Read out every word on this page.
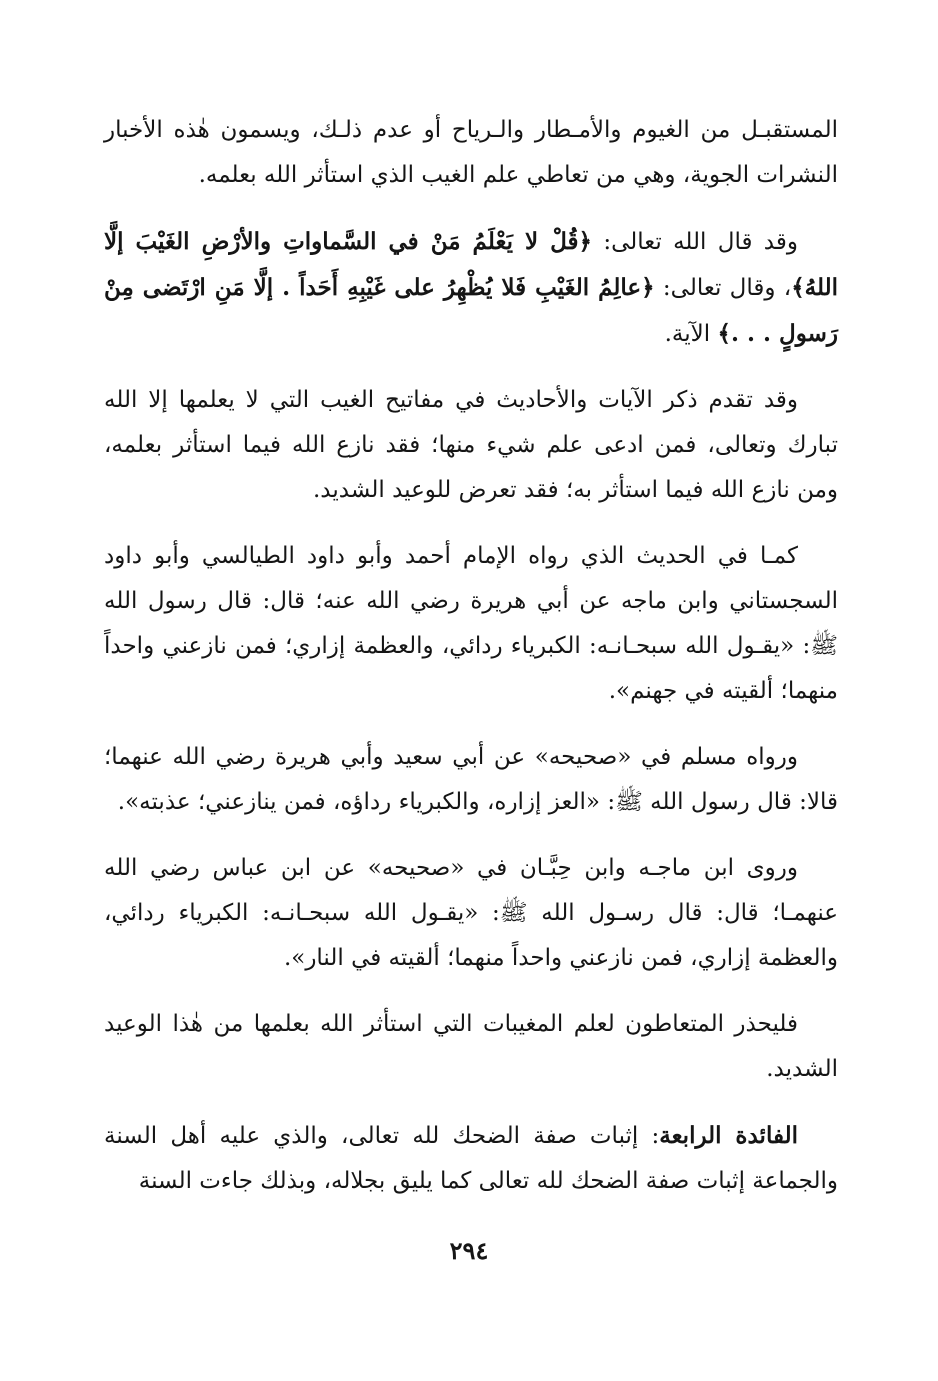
المستقبـل من الغيوم والأمـطار والـرياح أو عدم ذلـك، ويسمون هٰذه الأخبار النشرات الجوية، وهي من تعاطي علم الغيب الذي استأثر الله بعلمه.

وقد قال الله تعالى: ﴿قُلْ لا يَعْلَمُ مَنْ في السَّماواتِ والأرْضِ الغَيْبَ إلَّا اللهُ﴾، وقال تعالى: ﴿عالِمُ الغَيْبِ فَلا يُظْهِرُ على غَيْبِهِ أَحَداً . إلَّا مَنِ ارْتَضى مِنْ رَسولٍ . . .﴾ الآية.

وقد تقدم ذكر الآيات والأحاديث في مفاتيح الغيب التي لا يعلمها إلا الله تبارك وتعالى، فمن ادعى علم شيء منها؛ فقد نازع الله فيما استأثر بعلمه، ومن نازع الله فيما استأثر به؛ فقد تعرض للوعيد الشديد.

كمـا في الحديث الذي رواه الإمام أحمد وأبو داود الطيالسي وأبو داود السجستاني وابن ماجه عن أبي هريرة رضي الله عنه؛ قال: قال رسول الله ﷺ: «يقـول الله سبحـانـه: الكبرياء ردائي، والعظمة إزاري؛ فمن نازعني واحداً منهما؛ ألقيته في جهنم».

ورواه مسلم في «صحيحه» عن أبي سعيد وأبي هريرة رضي الله عنهما؛ قالا: قال رسول الله ﷺ: «العز إزاره، والكبرياء رداؤه، فمن ينازعني؛ عذبته».

وروى ابن ماجـه وابن حِبَّـان في «صحيحه» عن ابن عباس رضي الله عنهمـا؛ قال: قال رسـول الله ﷺ: «يقـول الله سبحـانـه: الكبرياء ردائي، والعظمة إزاري، فمن نازعني واحداً منهما؛ ألقيته في النار».

فليحذر المتعاطون لعلم المغيبات التي استأثر الله بعلمها من هٰذا الوعيد الشديد.

الفائدة الرابعة: إثبات صفة الضحك لله تعالى، والذي عليه أهل السنة والجماعة إثبات صفة الضحك لله تعالى كما يليق بجلاله، وبذلك جاءت السنة

٢٩٤
